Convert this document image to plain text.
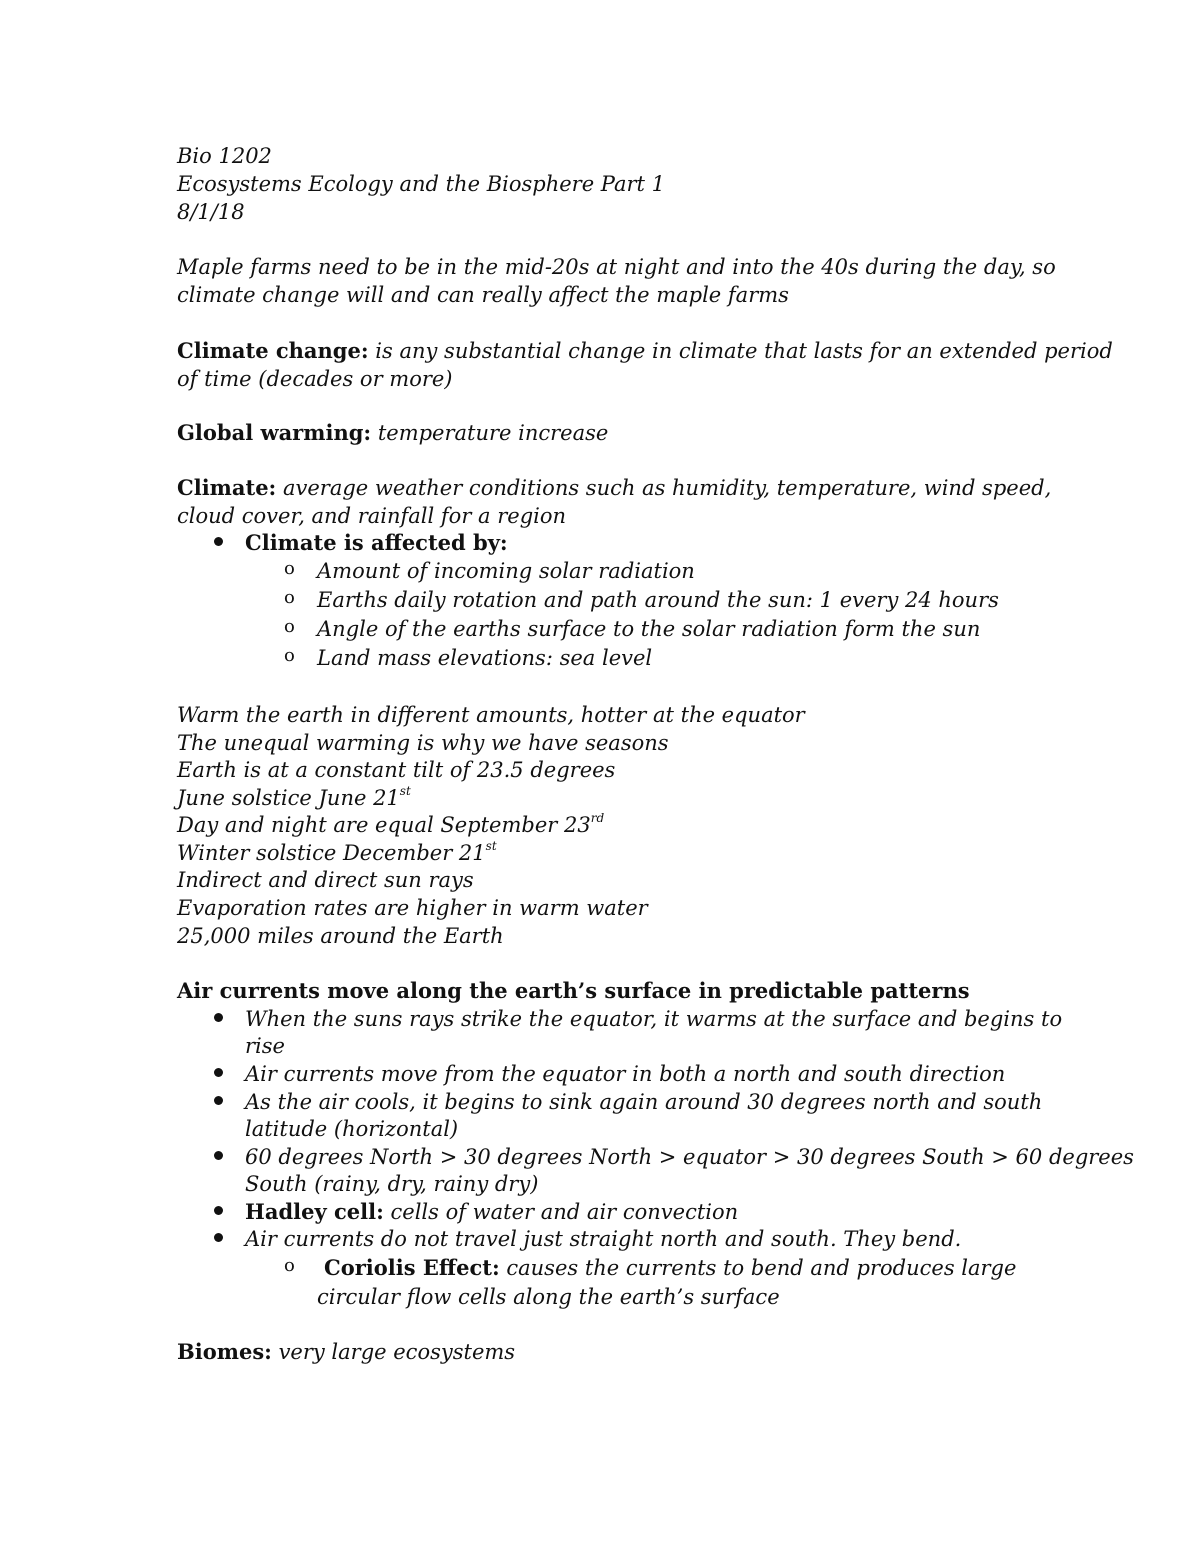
Bio 1202
Ecosystems Ecology and the Biosphere Part 1
8/1/18
Maple farms need to be in the mid-20s at night and into the 40s during the day, so
climate change will and can really affect the maple farms
Climate change: is any substantial change in climate that lasts for an extended period
of time (decades or more)
Global warming: temperature increase
Climate: average weather conditions such as humidity, temperature, wind speed,
cloud cover, and rainfall for a region
Climate is affected by:
o Amount of incoming solar radiation
o Earths daily rotation and path around the sun: 1 every 24 hours
o Angle of the earths surface to the solar radiation form the sun
o Land mass elevations: sea level
Warm the earth in different amounts, hotter at the equator
The unequal warming is why we have seasons
Earth is at a constant tilt of 23.5 degrees
June solstice June 21st
Day and night are equal September 23rd
Winter solstice December 21st
Indirect and direct sun rays
Evaporation rates are higher in warm water
25,000 miles around the Earth
Air currents move along the earth’s surface in predictable patterns
When the suns rays strike the equator, it warms at the surface and begins to
rise
Air currents move from the equator in both a north and south direction
As the air cools, it begins to sink again around 30 degrees north and south
latitude (horizontal)
60 degrees North > 30 degrees North > equator > 30 degrees South > 60 degrees
South (rainy, dry, rainy dry)
Hadley cell: cells of water and air convection
Air currents do not travel just straight north and south. They bend.
o Coriolis Effect: causes the currents to bend and produces large
circular flow cells along the earth’s surface
Biomes: very large ecosystems
